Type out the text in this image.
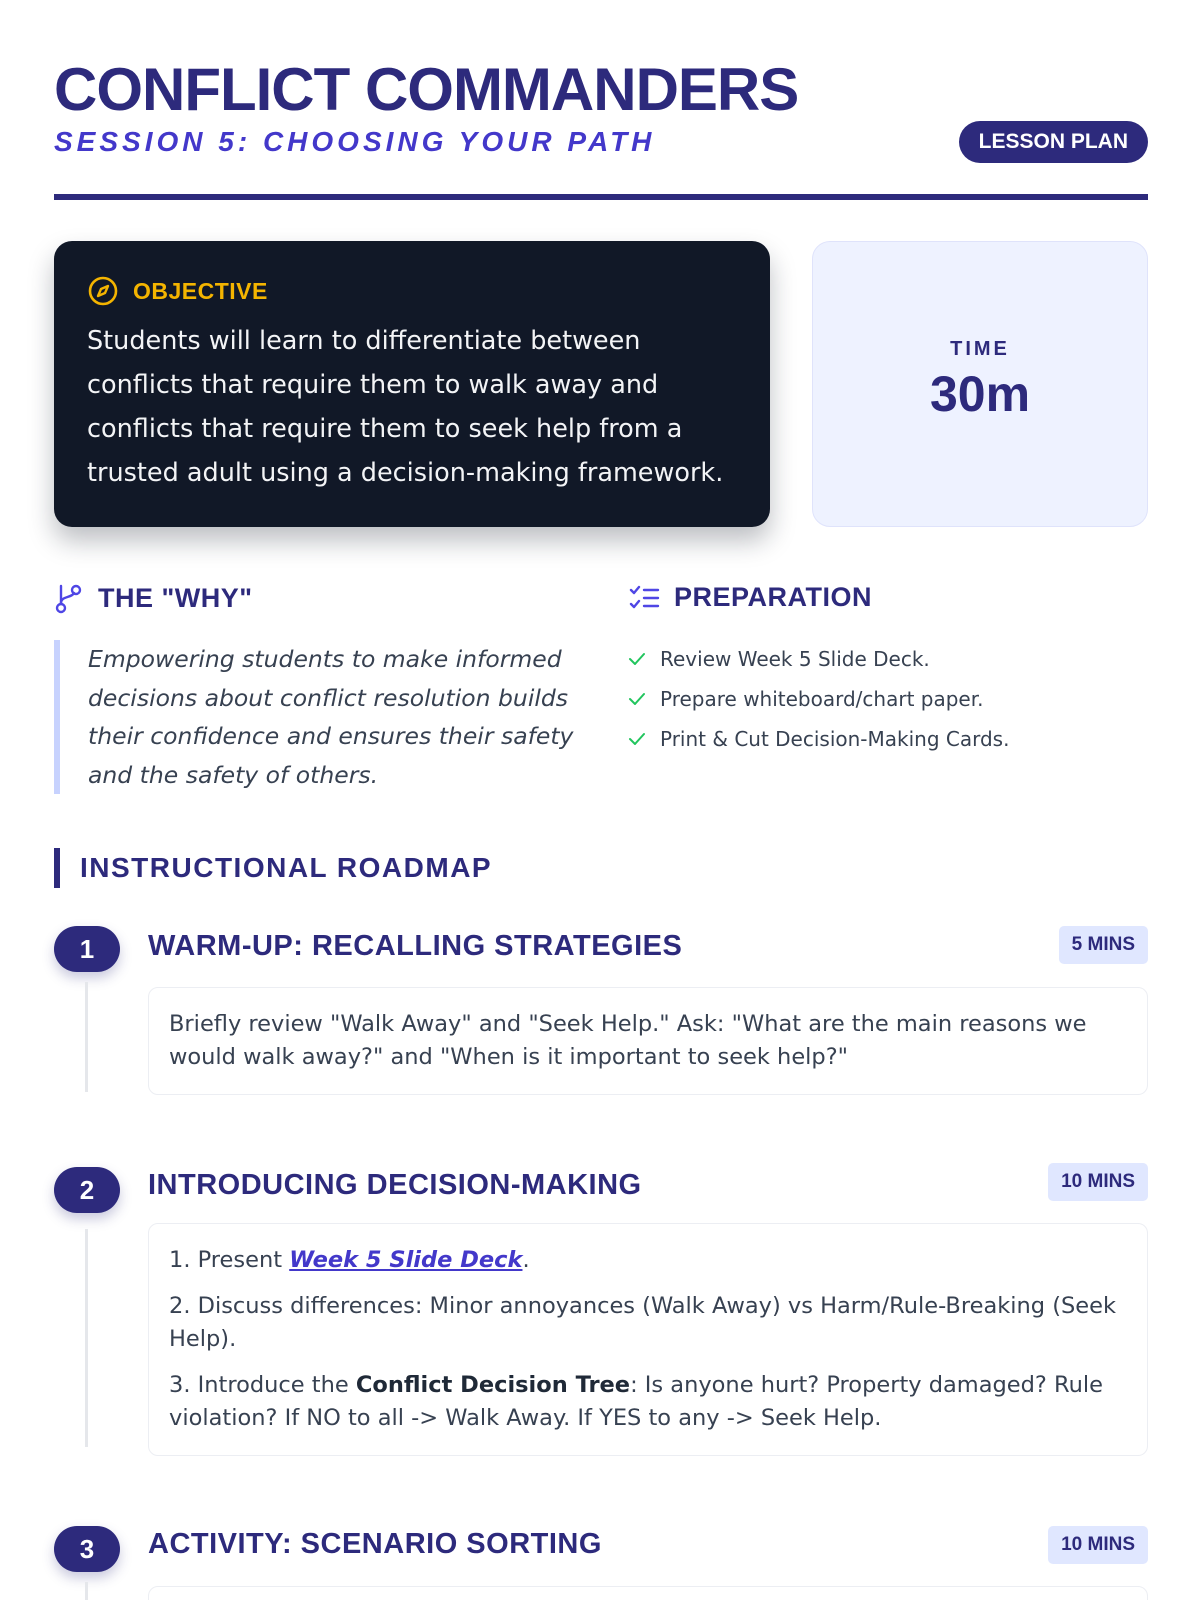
CONFLICT COMMANDERS
SESSION 5: CHOOSING YOUR PATH	LESSON PLAN
OBJECTIVE

Students will learn to differentiate between conflicts that require them to walk away and conflicts that require them to seek help from a trusted adult using a decision-making framework.

TIME
30m
THE "WHY"

Empowering students to make informed decisions about conflict resolution builds their confidence and ensures their safety and the safety of others.

PREPARATION
Review Week 5 Slide Deck.
Prepare whiteboard/chart paper.
Print & Cut Decision-Making Cards.
INSTRUCTIONAL ROADMAP
1	WARM-UP: RECALLING STRATEGIES	5 MINS

Briefly review "Walk Away" and "Seek Help." Ask: "What are the main reasons we would walk away?" and "When is it important to seek help?"

2	INTRODUCING DECISION-MAKING	10 MINS

1. Present Week 5 Slide Deck.

2. Discuss differences: Minor annoyances (Walk Away) vs Harm/Rule-Breaking (Seek Help).

3. Introduce the Conflict Decision Tree: Is anyone hurt? Property damaged? Rule violation? If NO to all -> Walk Away. If YES to any -> Seek Help.

3	ACTIVITY: SCENARIO SORTING	10 MINS
